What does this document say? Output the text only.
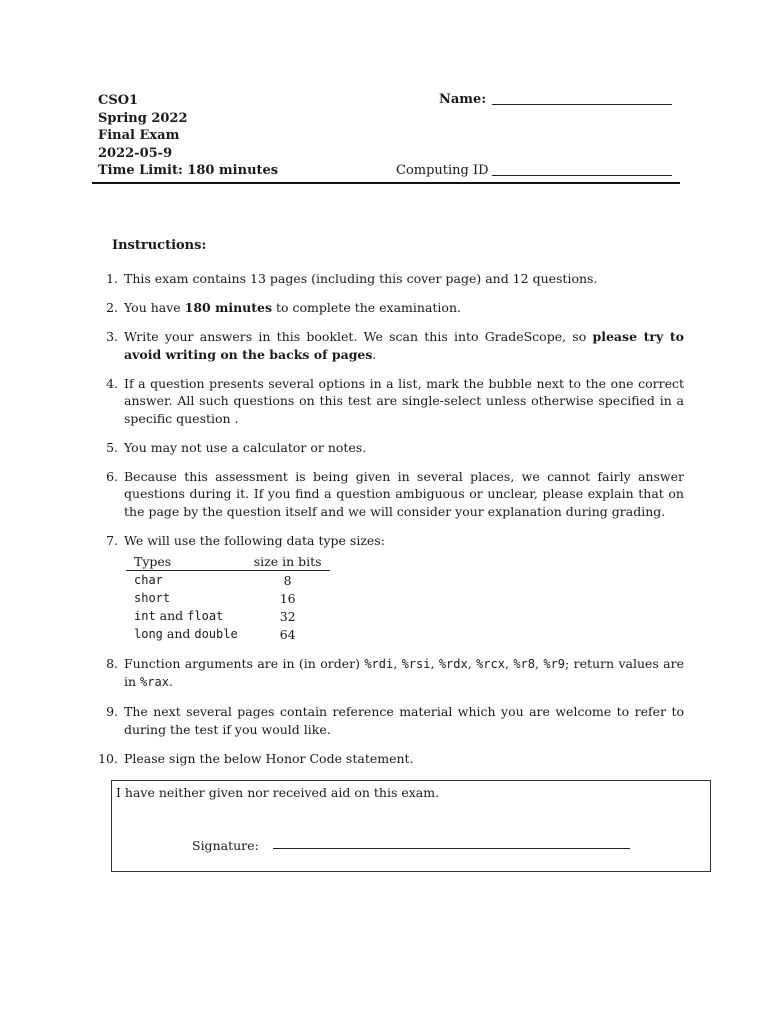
CSO1
Spring 2022
Final Exam
2022-05-9
Time Limit: 180 minutes
Name:
Computing ID
Instructions:
1. This exam contains 13 pages (including this cover page) and 12 questions.
2. You have 180 minutes to complete the examination.
3. Write your answers in this booklet. We scan this into GradeScope, so please try to avoid writing on the backs of pages.
4. If a question presents several options in a list, mark the bubble next to the one correct answer. All such questions on this test are single-select unless otherwise specified in a specific question .
5. You may not use a calculator or notes.
6. Because this assessment is being given in several places, we cannot fairly answer questions during it. If you find a question ambiguous or unclear, please explain that on the page by the question itself and we will consider your explanation during grading.
7. We will use the following data type sizes:
Types	size in bits
char	8
short	16
int and float	32
long and double	64
8. Function arguments are in (in order) %rdi, %rsi, %rdx, %rcx, %r8, %r9; return values are in %rax.
9. The next several pages contain reference material which you are welcome to refer to during the test if you would like.
10. Please sign the below Honor Code statement.
I have neither given nor received aid on this exam.
Signature:
